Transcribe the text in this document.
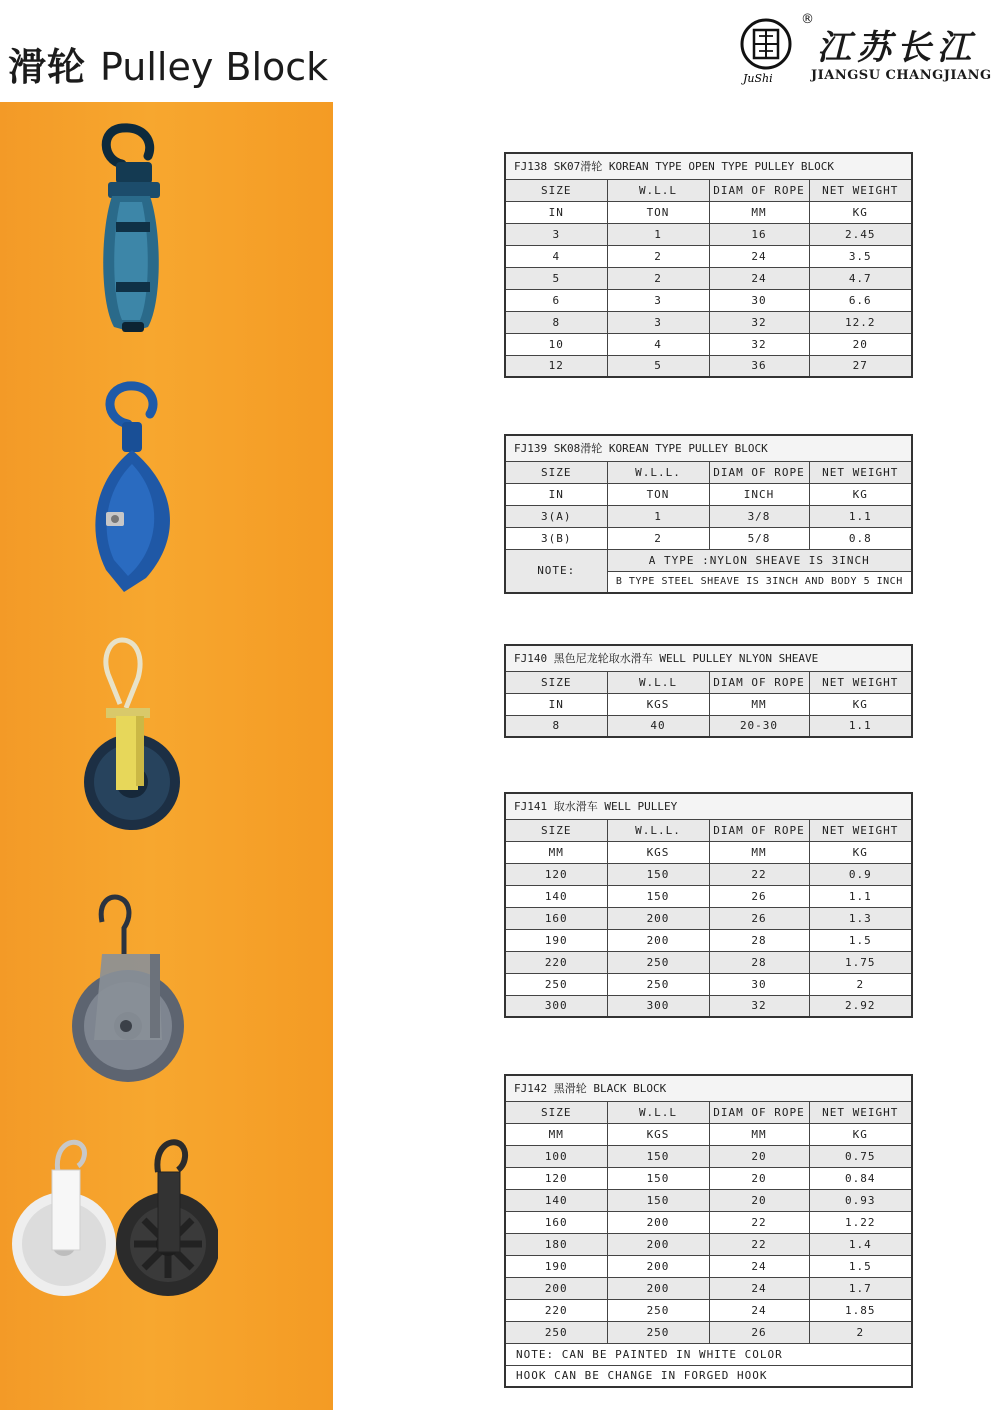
滑轮 Pulley Block	JuShi
®
江苏长江
JIANGSU CHANGJIANG
FJ138 SK07滑轮 KOREAN TYPE OPEN TYPE PULLEY BLOCK			
SIZE	W.L.L	DIAM OF ROPE	NET WEIGHT
IN	TON	MM	KG
3	1	16	2.45
4	2	24	3.5
5	2	24	4.7
6	3	30	6.6
8	3	32	12.2
10	4	32	20
12	5	36	27
FJ139 SK08滑轮 KOREAN TYPE PULLEY BLOCK			
SIZE	W.L.L.	DIAM OF ROPE	NET WEIGHT
IN	TON	INCH	KG
3(A)	1	3/8	1.1
3(B)	2	5/8	0.8
NOTE:	A TYPE :NYLON SHEAVE IS 3INCH		
	B TYPE STEEL SHEAVE IS 3INCH AND BODY 5 INCH		
FJ140 黑色尼龙轮取水滑车 WELL PULLEY NLYON SHEAVE			
SIZE	W.L.L	DIAM OF ROPE	NET WEIGHT
IN	KGS	MM	KG
8	40	20-30	1.1
FJ141 取水滑车 WELL PULLEY			
SIZE	W.L.L.	DIAM OF ROPE	NET WEIGHT
MM	KGS	MM	KG
120	150	22	0.9
140	150	26	1.1
160	200	26	1.3
190	200	28	1.5
220	250	28	1.75
250	250	30	2
300	300	32	2.92
FJ142 黑滑轮 BLACK BLOCK			
SIZE	W.L.L	DIAM OF ROPE	NET WEIGHT
MM	KGS	MM	KG
100	150	20	0.75
120	150	20	0.84
140	150	20	0.93
160	200	22	1.22
180	200	22	1.4
190	200	24	1.5
200	200	24	1.7
220	250	24	1.85
250	250	26	2
NOTE: CAN BE PAINTED IN WHITE COLOR			
HOOK CAN BE CHANGE IN FORGED HOOK			
